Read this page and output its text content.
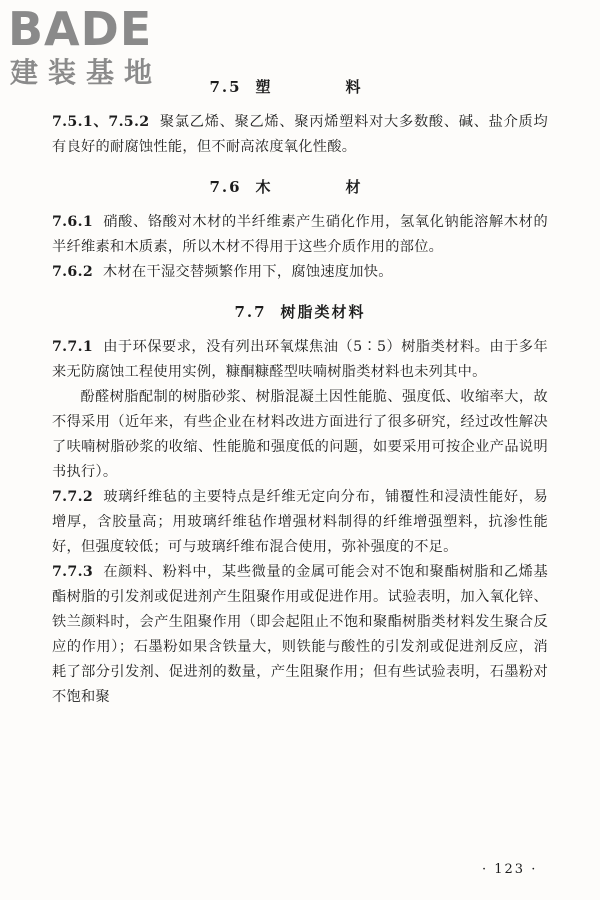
BADE
建装基地	7.5 塑　料

7.5.1、7.5.2 聚氯乙烯、聚乙烯、聚丙烯塑料对大多数酸、碱、盐介质均有良好的耐腐蚀性能，但不耐高浓度氧化性酸。

7.6 木　材

7.6.1 硝酸、铬酸对木材的半纤维素产生硝化作用，氢氧化钠能溶解木材的半纤维素和木质素，所以木材不得用于这些介质作用的部位。

7.6.2 木材在干湿交替频繁作用下，腐蚀速度加快。

7.7 树脂类材料

7.7.1 由于环保要求，没有列出环氧煤焦油（5∶5）树脂类材料。由于多年来无防腐蚀工程使用实例，糠酮糠醛型呋喃树脂类材料也未列其中。

酚醛树脂配制的树脂砂浆、树脂混凝土因性能脆、强度低、收缩率大，故不得采用（近年来，有些企业在材料改进方面进行了很多研究，经过改性解决了呋喃树脂砂浆的收缩、性能脆和强度低的问题，如要采用可按企业产品说明书执行）。

7.7.2 玻璃纤维毡的主要特点是纤维无定向分布，铺覆性和浸渍性能好，易增厚，含胶量高；用玻璃纤维毡作增强材料制得的纤维增强塑料，抗渗性能好，但强度较低；可与玻璃纤维布混合使用，弥补强度的不足。

7.7.3 在颜料、粉料中，某些微量的金属可能会对不饱和聚酯树脂和乙烯基酯树脂的引发剂或促进剂产生阻聚作用或促进作用。试验表明，加入氧化锌、铁兰颜料时，会产生阻聚作用（即会起阻止不饱和聚酯树脂类材料发生聚合反应的作用）；石墨粉如果含铁量大，则铁能与酸性的引发剂或促进剂反应，消耗了部分引发剂、促进剂的数量，产生阻聚作用；但有些试验表明，石墨粉对不饱和聚

· 123 ·
